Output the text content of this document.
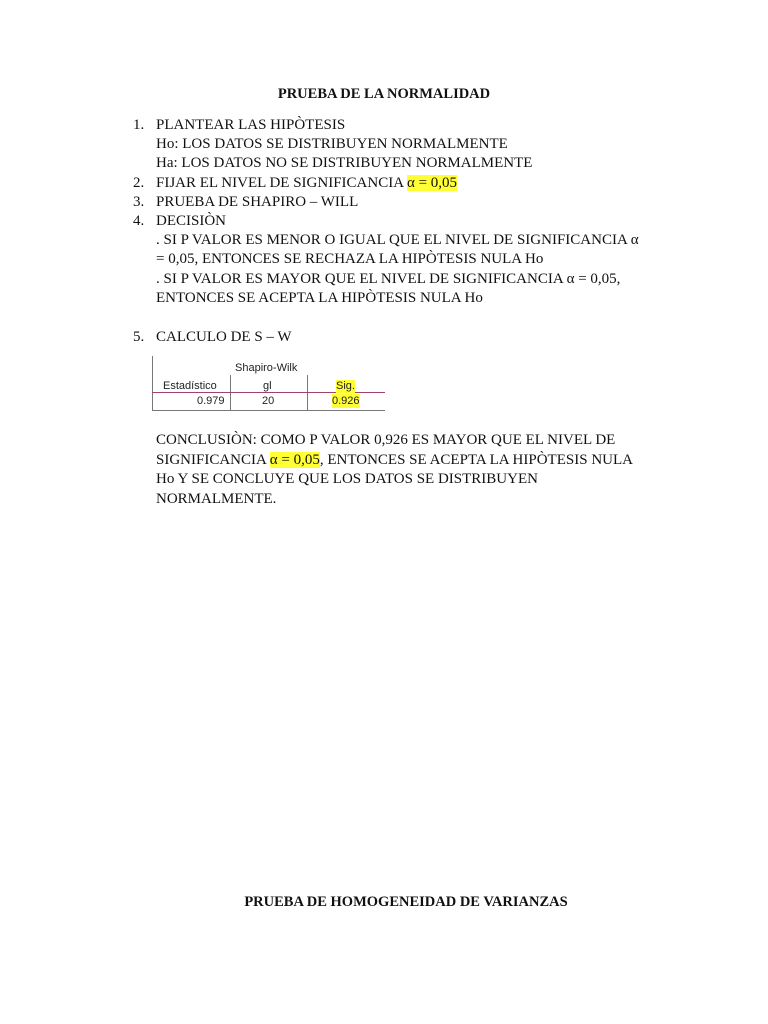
PRUEBA DE LA NORMALIDAD
1. PLANTEAR LAS HIPÒTESIS
Ho: LOS DATOS SE DISTRIBUYEN NORMALMENTE
Ha: LOS DATOS NO SE DISTRIBUYEN NORMALMENTE
2. FIJAR EL NIVEL DE SIGNIFICANCIA α = 0,05
3. PRUEBA DE SHAPIRO – WILL
4. DECISIÒN
. SI P VALOR ES MENOR O IGUAL QUE EL NIVEL DE SIGNIFICANCIA α
= 0,05, ENTONCES SE RECHAZA LA HIPÒTESIS NULA Ho
. SI P VALOR ES MAYOR QUE EL NIVEL DE SIGNIFICANCIA α = 0,05,
ENTONCES SE ACEPTA LA HIPÒTESIS NULA Ho
5. CALCULO DE S – W
Shapiro-Wilk
Estadístico	gl	Sig.
0.979	20	0.926
CONCLUSIÒN: COMO P VALOR 0,926 ES MAYOR QUE EL NIVEL DE
SIGNIFICANCIA α = 0,05, ENTONCES SE ACEPTA LA HIPÒTESIS NULA
Ho Y SE CONCLUYE QUE LOS DATOS SE DISTRIBUYEN
NORMALMENTE.
PRUEBA DE HOMOGENEIDAD DE VARIANZAS
